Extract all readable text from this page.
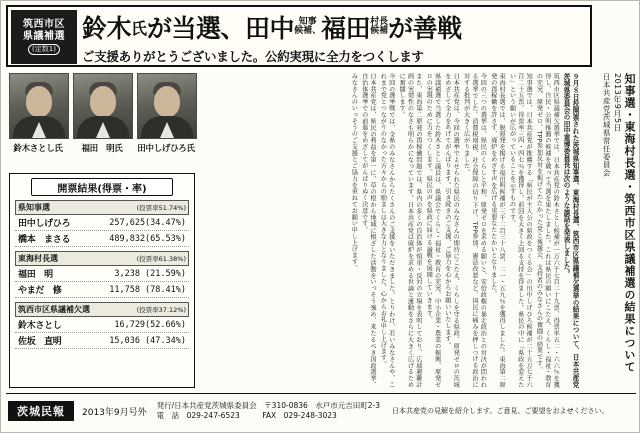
筑西市区
県議補選
(定数1)
鈴木 氏 が当選、 田中 知事
候補、 福田 村長
候補 が善戦
ご支援ありがとうございました。公約実現に全力をつくします
知事選・東海村長選・筑西市区県議補選の結果について
2013年9月5日
日本共産党茨城県常任委員会
鈴木さとし氏	福田　明氏	田中しげひろ氏
開票結果(得票・率)
県知事選	(投票率51.74%)
田中しげひろ	257,625(34.47%)
橋本　まさる	489,832(65.53%)
東海村長選	(投票率61.38%)
福田　明	3,238 (21.59%)
やまだ　修	11,758 (78.41%)
筑西市区県議補欠選	(投票率37.12%)
鈴木さとし	16,729(52.66%)
佐坂　直明	15,036 (47.34%)	９月８日投開票された茨城県知事選、東海村長選、筑西市区県議補欠選挙の結果について、日本共産党茨城県委員会の田中重博委員長は次のような談話を発表しました。
筑西市区県議補欠選挙では、日本共産党の鈴木さとし候補が一万六千七百二十九票、得票率五二・六六％を獲得し、自民・公明推薦の候補を破って当選を果たしました。これは県民の願いにこたえ、くらし・福祉・教育の充実、原発ゼロ、TPP参加反対を掲げてたたかった党と後援会、支持者のみなさんの奮闘の結果です。
知事選では、日本共産党が推薦する「県民が主人公の県政をつくる会」の田中しげひろ候補が二十五万七千六百二十五票、得票率三四・四七％を獲得し、前回を大きく上回る支持を得ました。県民の中に「県政を変えたい」という願いが広がっていることを示すものです。
東海村長選では、脱原発を掲げる福田明候補が三千二百三十八票、二一・五九％を獲得しました。東海第二原発の再稼働を許さず、廃炉をめざす声を広げる重要なたたかいとなりました。
今回の三つの選挙は、県民のくらしと平和、原発ゼロを求める願いと、安倍政権の暴走政治との対決が問われる選挙でした。消費税増税、社会保障の切り下げ、TPP参加、憲法改悪など、国民に痛みを押しつける政治に対する批判が大きく広がりました。
日本共産党は、今回の選挙でよせられた県民のみなさんの期待にこたえ、くらしを守る県政、原発ゼロの茨城をめざして全力をあげてがんばります。引き続きのご支援、ご協力を心からお願いいたします。
県議補選で当選した鈴木さとし議員は、県議会でくらし・福祉・教育の充実、中小企業・農業の振興、原発ゼロの実現のために力をつくします。県民の声を県政に届ける論戦を展開していきます。
また、東海第二原発の再稼働問題では、県内の多くの自治体が慎重・反対の立場を表明しており、広域避難計画の実効性のなさも明らかになっています。日本共産党は廃炉を求める世論と運動をさらに大きく広げるために奮闘します。
今回の選挙戦では、全県のみなさんからたくさんのご支援をいただきました。とりわけ、若いみなさんや、これまで党とつながりのなかった方々からの励ましは大きな力となりました。心からお礼申し上げます。
日本共産党は、県民の利益を第一に、草の根から地域に根ざした活動をいっそう強め、来たるべき国政選挙、自治体選挙での前進をめざしてがんばりぬく決意です。
みなさんのいっそうのご支援とご協力を重ねてお願い申し上げます。
茨城民報	2013年9月号外
発行/日本共産党茨城県委員会　〒310-0836　水戸市元吉田町2-3
電　話　029-247-6523　　　FAX　029-248-3023
日本共産党の見解を紹介します。ご意見、ご要望をおよせください。
